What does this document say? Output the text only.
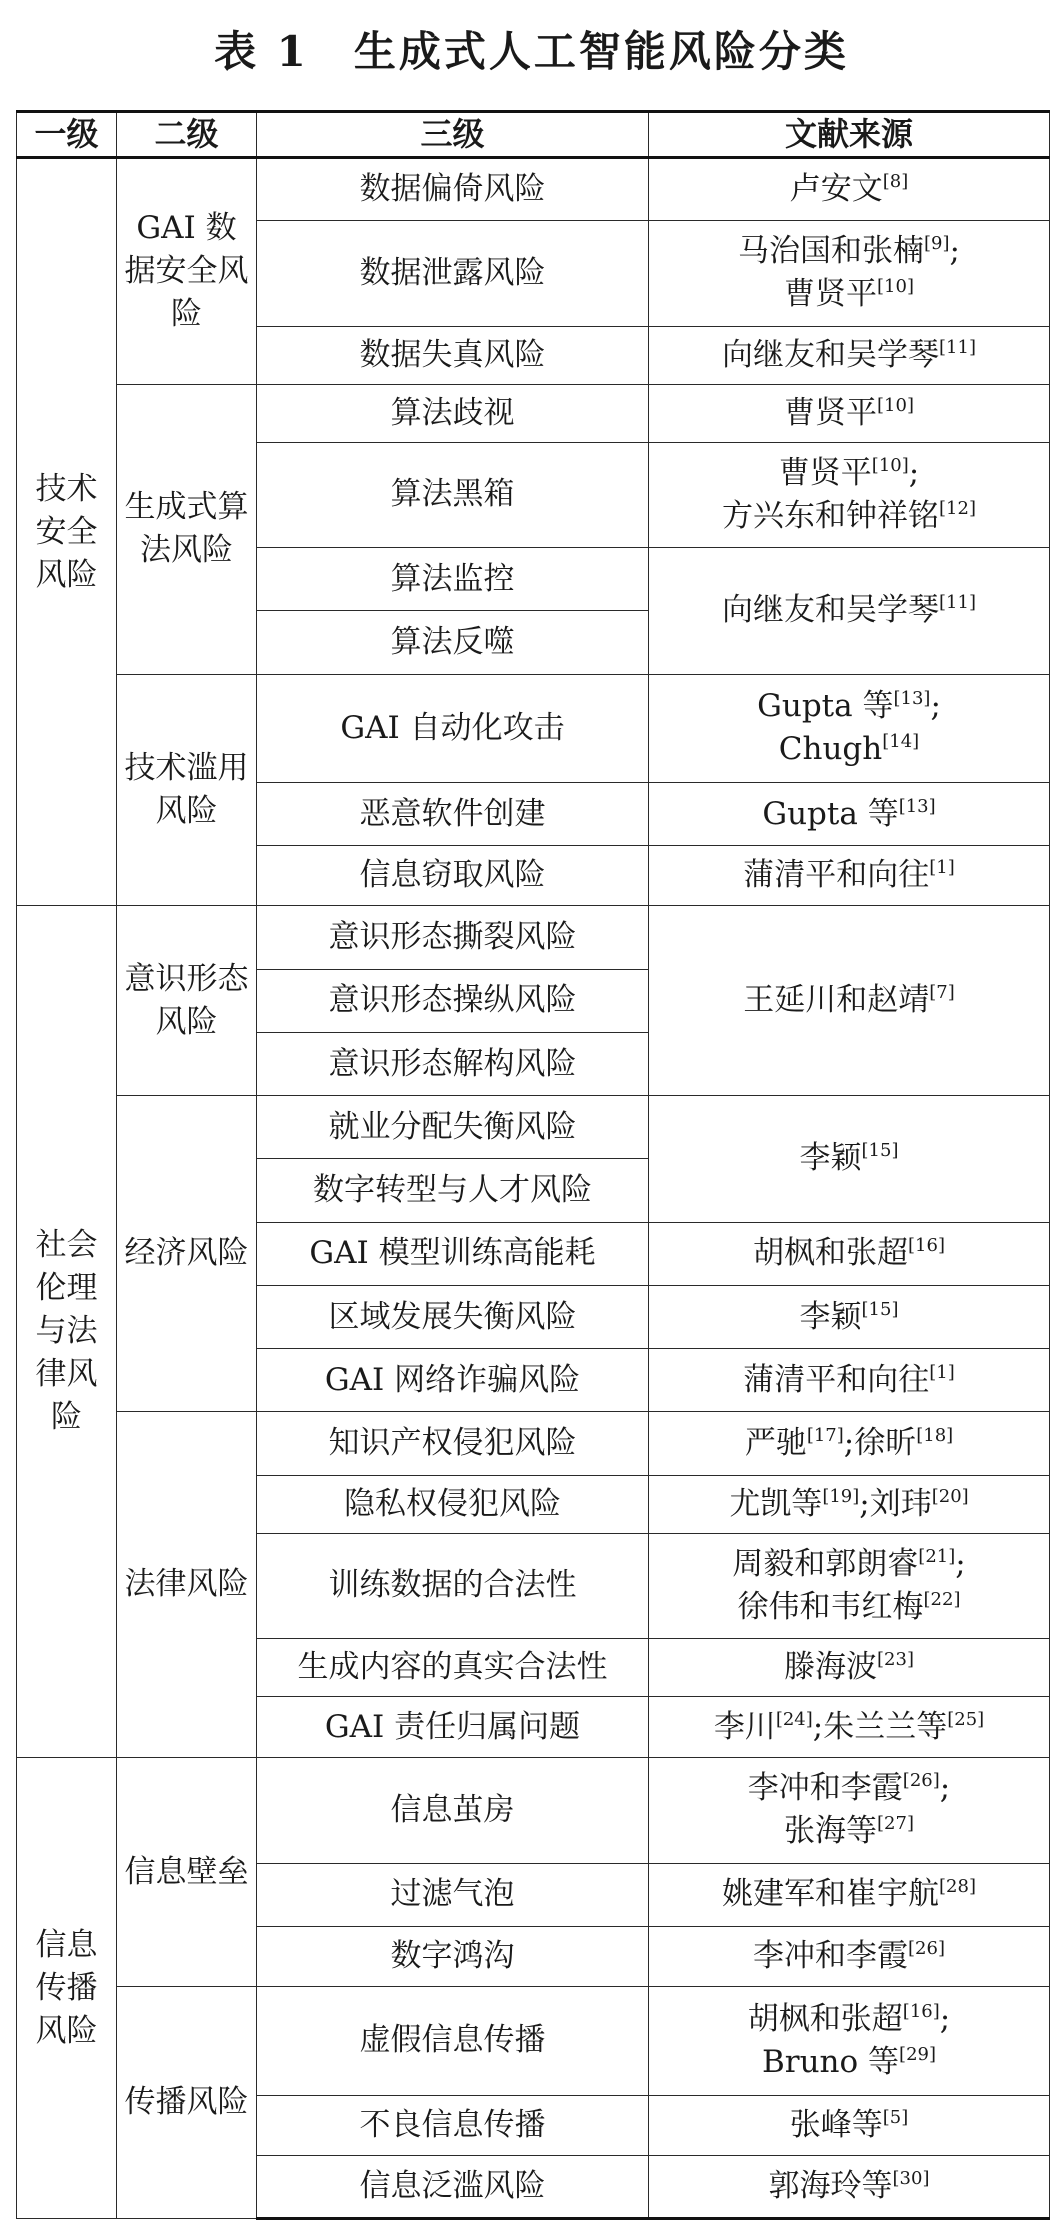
表 1　生成式人工智能风险分类
一级	二级	三级	文献来源
技术安全风险	GAI 数据安全风险	数据偏倚风险	卢安文[8]

		数据泄露风险	马治国和张楠[9];
曹贤平[10]

		数据失真风险	向继友和吴学琴[11]

	生成式算法风险	算法歧视	曹贤平[10]

		算法黑箱	曹贤平[10];
方兴东和钟祥铭[12]

		算法监控	向继友和吴学琴[11]

		算法反噬	
	技术滥用风险	GAI 自动化攻击	Gupta 等[13];
Chugh[14]

		恶意软件创建	Gupta 等[13]

		信息窃取风险	蒲清平和向往[1]

社会伦理与法律风险	意识形态风险	意识形态撕裂风险	王延川和赵靖[7]

		意识形态操纵风险	
		意识形态解构风险	
	经济风险	就业分配失衡风险	李颖[15]

		数字转型与人才风险	
		GAI 模型训练高能耗	胡枫和张超[16]

		区域发展失衡风险	李颖[15]

		GAI 网络诈骗风险	蒲清平和向往[1]

	法律风险	知识产权侵犯风险	严驰[17];徐昕[18]

		隐私权侵犯风险	尤凯等[19];刘玮[20]

		训练数据的合法性	周毅和郭朗睿[21];
徐伟和韦红梅[22]

		生成内容的真实合法性	滕海波[23]

		GAI 责任归属问题	李川[24];朱兰兰等[25]

信息传播风险	信息壁垒	信息茧房	李冲和李霞[26];
张海等[27]

		过滤气泡	姚建军和崔宇航[28]

		数字鸿沟	李冲和李霞[26]

	传播风险	虚假信息传播	胡枫和张超[16];
Bruno 等[29]

		不良信息传播	张峰等[5]

		信息泛滥风险	郭海玲等[30]
